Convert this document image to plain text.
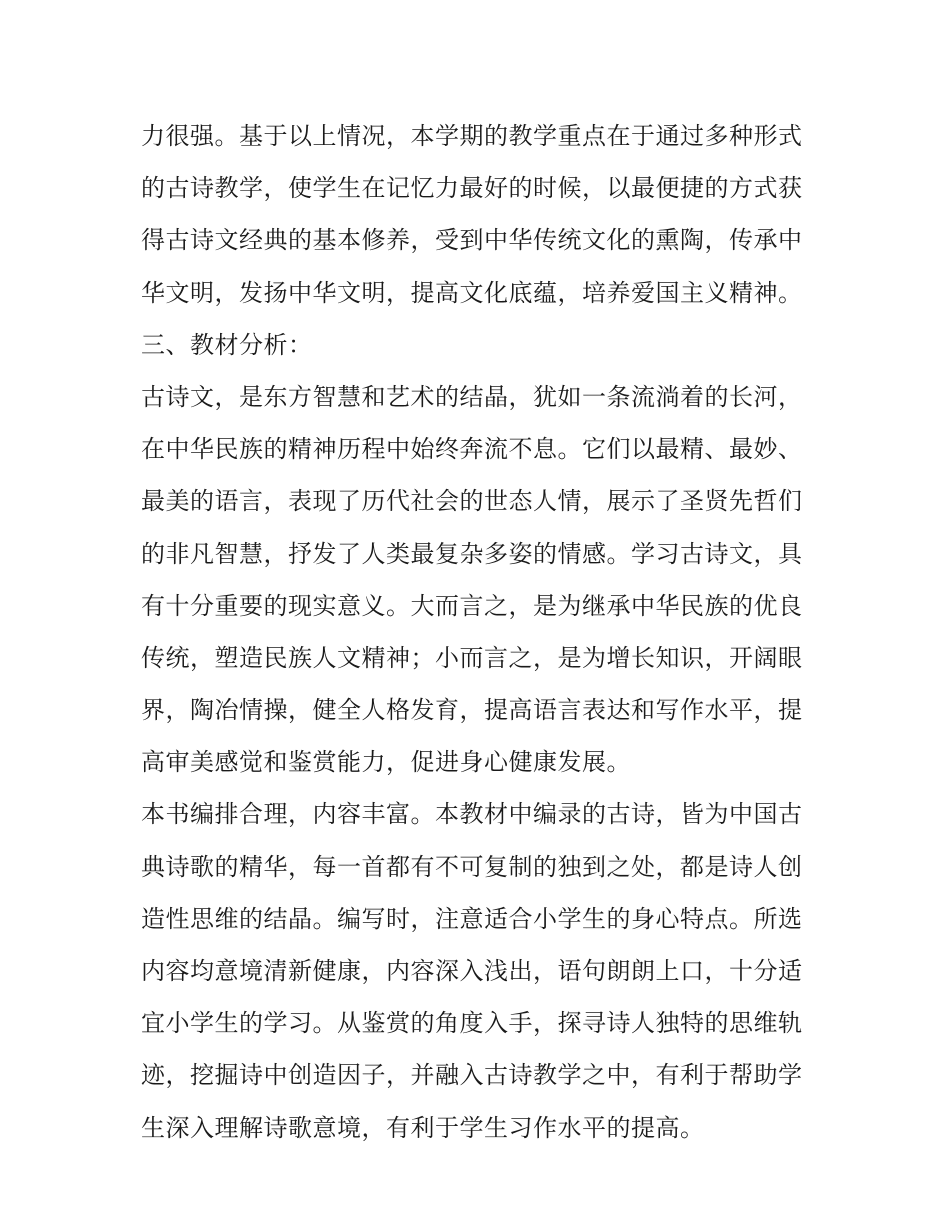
力很强。基于以上情况，本学期的教学重点在于通过多种形式
的古诗教学，使学生在记忆力最好的时候，以最便捷的方式获
得古诗文经典的基本修养，受到中华传统文化的熏陶，传承中
华文明，发扬中华文明，提高文化底蕴，培养爱国主义精神。
三、教材分析：
古诗文，是东方智慧和艺术的结晶，犹如一条流淌着的长河，
在中华民族的精神历程中始终奔流不息。它们以最精、最妙、
最美的语言，表现了历代社会的世态人情，展示了圣贤先哲们
的非凡智慧，抒发了人类最复杂多姿的情感。学习古诗文，具
有十分重要的现实意义。大而言之，是为继承中华民族的优良
传统，塑造民族人文精神；小而言之，是为增长知识，开阔眼
界，陶冶情操，健全人格发育，提高语言表达和写作水平，提
高审美感觉和鉴赏能力，促进身心健康发展。
本书编排合理，内容丰富。本教材中编录的古诗，皆为中国古
典诗歌的精华，每一首都有不可复制的独到之处，都是诗人创
造性思维的结晶。编写时，注意适合小学生的身心特点。所选
内容均意境清新健康，内容深入浅出，语句朗朗上口，十分适
宜小学生的学习。从鉴赏的角度入手，探寻诗人独特的思维轨
迹，挖掘诗中创造因子，并融入古诗教学之中，有利于帮助学
生深入理解诗歌意境，有利于学生习作水平的提高。
